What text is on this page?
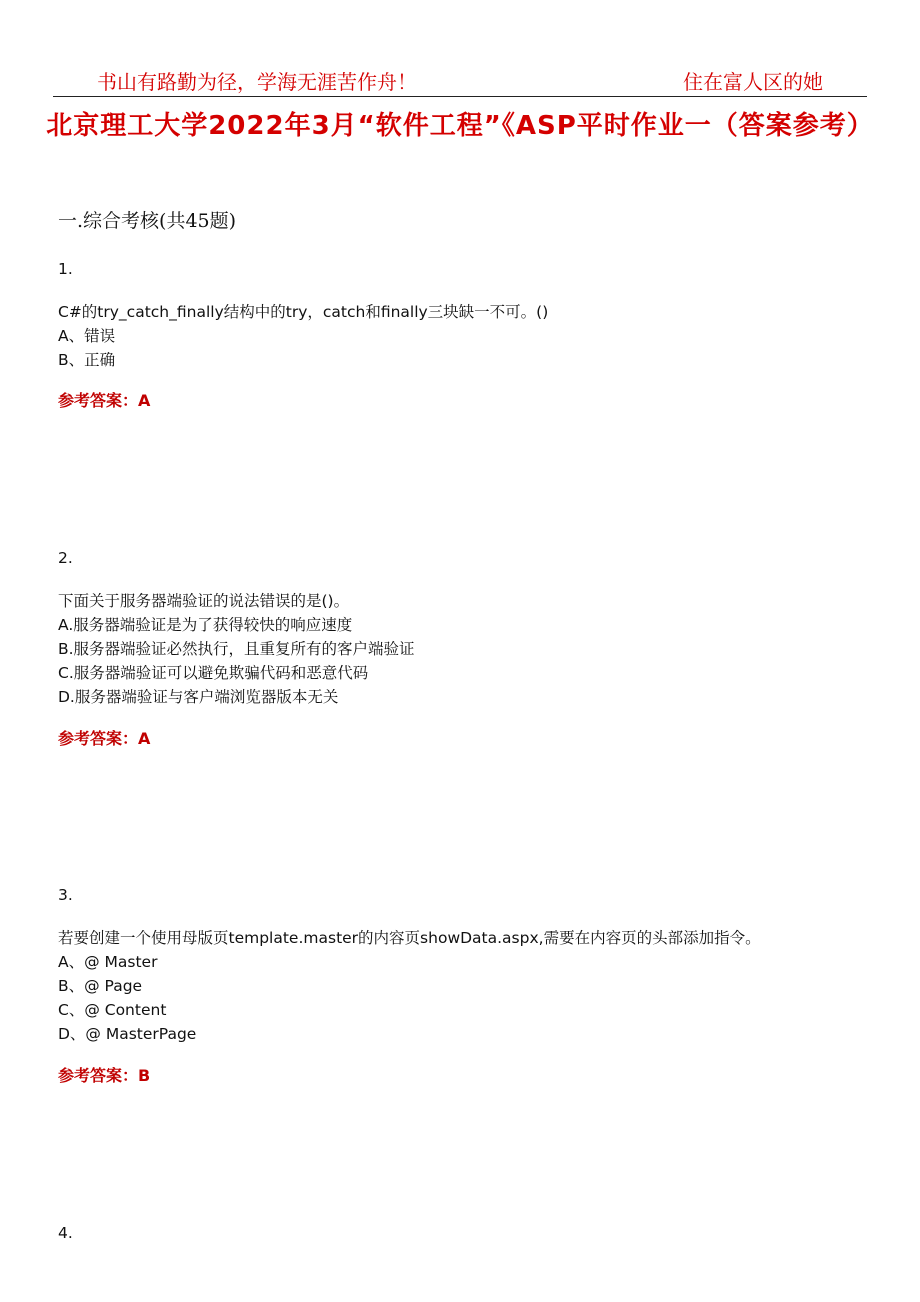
书山有路勤为径，学海无涯苦作舟！	住在富人区的她
北京理工大学2022年3月“软件工程”《ASP平时作业一（答案参考）
一.综合考核(共45题)
1.
C#的try_catch_finally结构中的try，catch和finally三块缺一不可。()
A、错误
B、正确
参考答案：A
2.
下面关于服务器端验证的说法错误的是()。
A.服务器端验证是为了获得较快的响应速度
B.服务器端验证必然执行，且重复所有的客户端验证
C.服务器端验证可以避免欺骗代码和恶意代码
D.服务器端验证与客户端浏览器版本无关
参考答案：A
3.
若要创建一个使用母版页template.master的内容页showData.aspx,需要在内容页的头部添加指令。
A、@ Master
B、@ Page
C、@ Content
D、@ MasterPage
参考答案：B
4.
